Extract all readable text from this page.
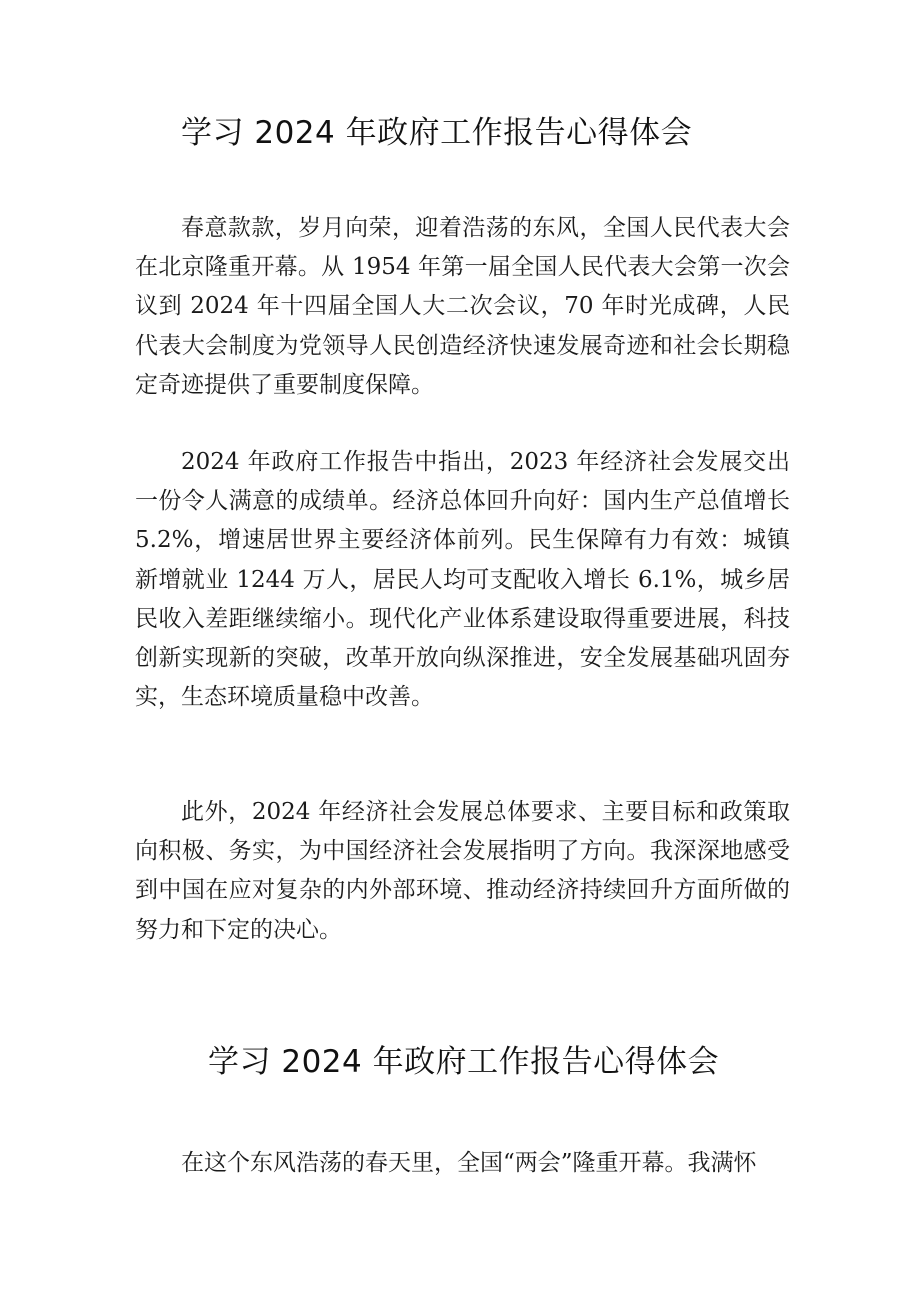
学习 2024 年政府工作报告心得体会

春意款款，岁月向荣，迎着浩荡的东风，全国人民代表大会在北京隆重开幕。从 1954 年第一届全国人民代表大会第一次会议到 2024 年十四届全国人大二次会议，70 年时光成碑，人民代表大会制度为党领导人民创造经济快速发展奇迹和社会长期稳定奇迹提供了重要制度保障。

2024 年政府工作报告中指出，2023 年经济社会发展交出一份令人满意的成绩单。经济总体回升向好：国内生产总值增长 5.2%，增速居世界主要经济体前列。民生保障有力有效：城镇新增就业 1244 万人，居民人均可支配收入增长 6.1%，城乡居民收入差距继续缩小。现代化产业体系建设取得重要进展，科技创新实现新的突破，改革开放向纵深推进，安全发展基础巩固夯实，生态环境质量稳中改善。

此外，2024 年经济社会发展总体要求、主要目标和政策取向积极、务实，为中国经济社会发展指明了方向。我深深地感受到中国在应对复杂的内外部环境、推动经济持续回升方面所做的努力和下定的决心。

学习 2024 年政府工作报告心得体会

在这个东风浩荡的春天里，全国“两会”隆重开幕。我满怀
